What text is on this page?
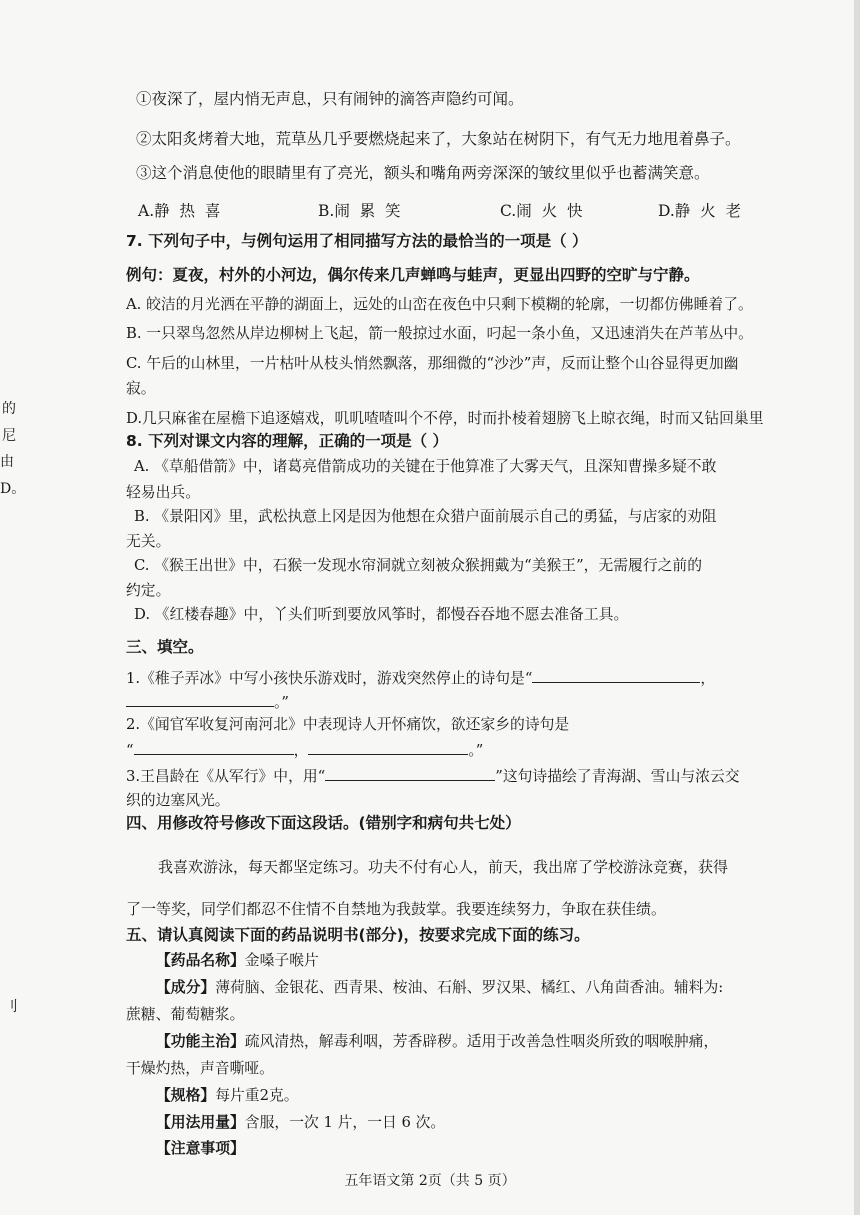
的
尼
由
D。
刂
①夜深了，屋内悄无声息，只有闹钟的滴答声隐约可闻。
②太阳炙烤着大地，荒草丛几乎要燃烧起来了，大象站在树阴下，有气无力地甩着鼻子。
③这个消息使他的眼睛里有了亮光，额头和嘴角两旁深深的皱纹里似乎也蓄满笑意。
A.静  热  喜	B.闹  累  笑	C.闹  火  快	D.静  火  老
7. 下列句子中，与例句运用了相同描写方法的最恰当的一项是（ ）
例句：夏夜，村外的小河边，偶尔传来几声蝉鸣与蛙声，更显出四野的空旷与宁静。
A. 皎洁的月光洒在平静的湖面上，远处的山峦在夜色中只剩下模糊的轮廓，一切都仿佛睡着了。
B. 一只翠鸟忽然从岸边柳树上飞起，箭一般掠过水面，叼起一条小鱼，又迅速消失在芦苇丛中。
C. 午后的山林里，一片枯叶从枝头悄然飘落，那细微的“沙沙”声，反而让整个山谷显得更加幽
寂。
D.几只麻雀在屋檐下追逐嬉戏，叽叽喳喳叫个不停，时而扑棱着翅膀飞上晾衣绳，时而又钻回巢里
8. 下列对课文内容的理解，正确的一项是（ ）
A. 《草船借箭》中，诸葛亮借箭成功的关键在于他算准了大雾天气，且深知曹操多疑不敢
轻易出兵。
B. 《景阳冈》里，武松执意上冈是因为他想在众猎户面前展示自己的勇猛，与店家的劝阻
无关。
C. 《猴王出世》中，石猴一发现水帘洞就立刻被众猴拥戴为“美猴王”，无需履行之前的
约定。
D. 《红楼春趣》中，丫头们听到要放风筝时，都慢吞吞地不愿去准备工具。
三、填空。
1.《稚子弄冰》中写小孩快乐游戏时，游戏突然停止的诗句是“	，
。”
2.《闻官军收复河南河北》中表现诗人开怀痛饮，欲还家乡的诗句是
“	，	。”
3.王昌龄在《从军行》中，用“	”这句诗描绘了青海湖、雪山与浓云交
织的边塞风光。
四、用修改符号修改下面这段话。(错别字和病句共七处）
我喜欢游泳，每天都坚定练习。功夫不付有心人，前天，我出席了学校游泳竞赛，获得
了一等奖，同学们都忍不住情不自禁地为我鼓掌。我要连续努力，争取在获佳绩。
五、请认真阅读下面的药品说明书(部分)，按要求完成下面的练习。
【药品名称】金嗓子喉片
【成分】薄荷脑、金银花、西青果、桉油、石斛、罗汉果、橘红、八角茴香油。辅料为:
蔗糖、葡萄糖浆。
【功能主治】疏风清热，解毒利咽，芳香辟秽。适用于改善急性咽炎所致的咽喉肿痛，
干燥灼热，声音嘶哑。
【规格】每片重2克。
【用法用量】含服，一次 1 片，一日 6 次。
【注意事项】
五年语文第 2页（共 5 页）
